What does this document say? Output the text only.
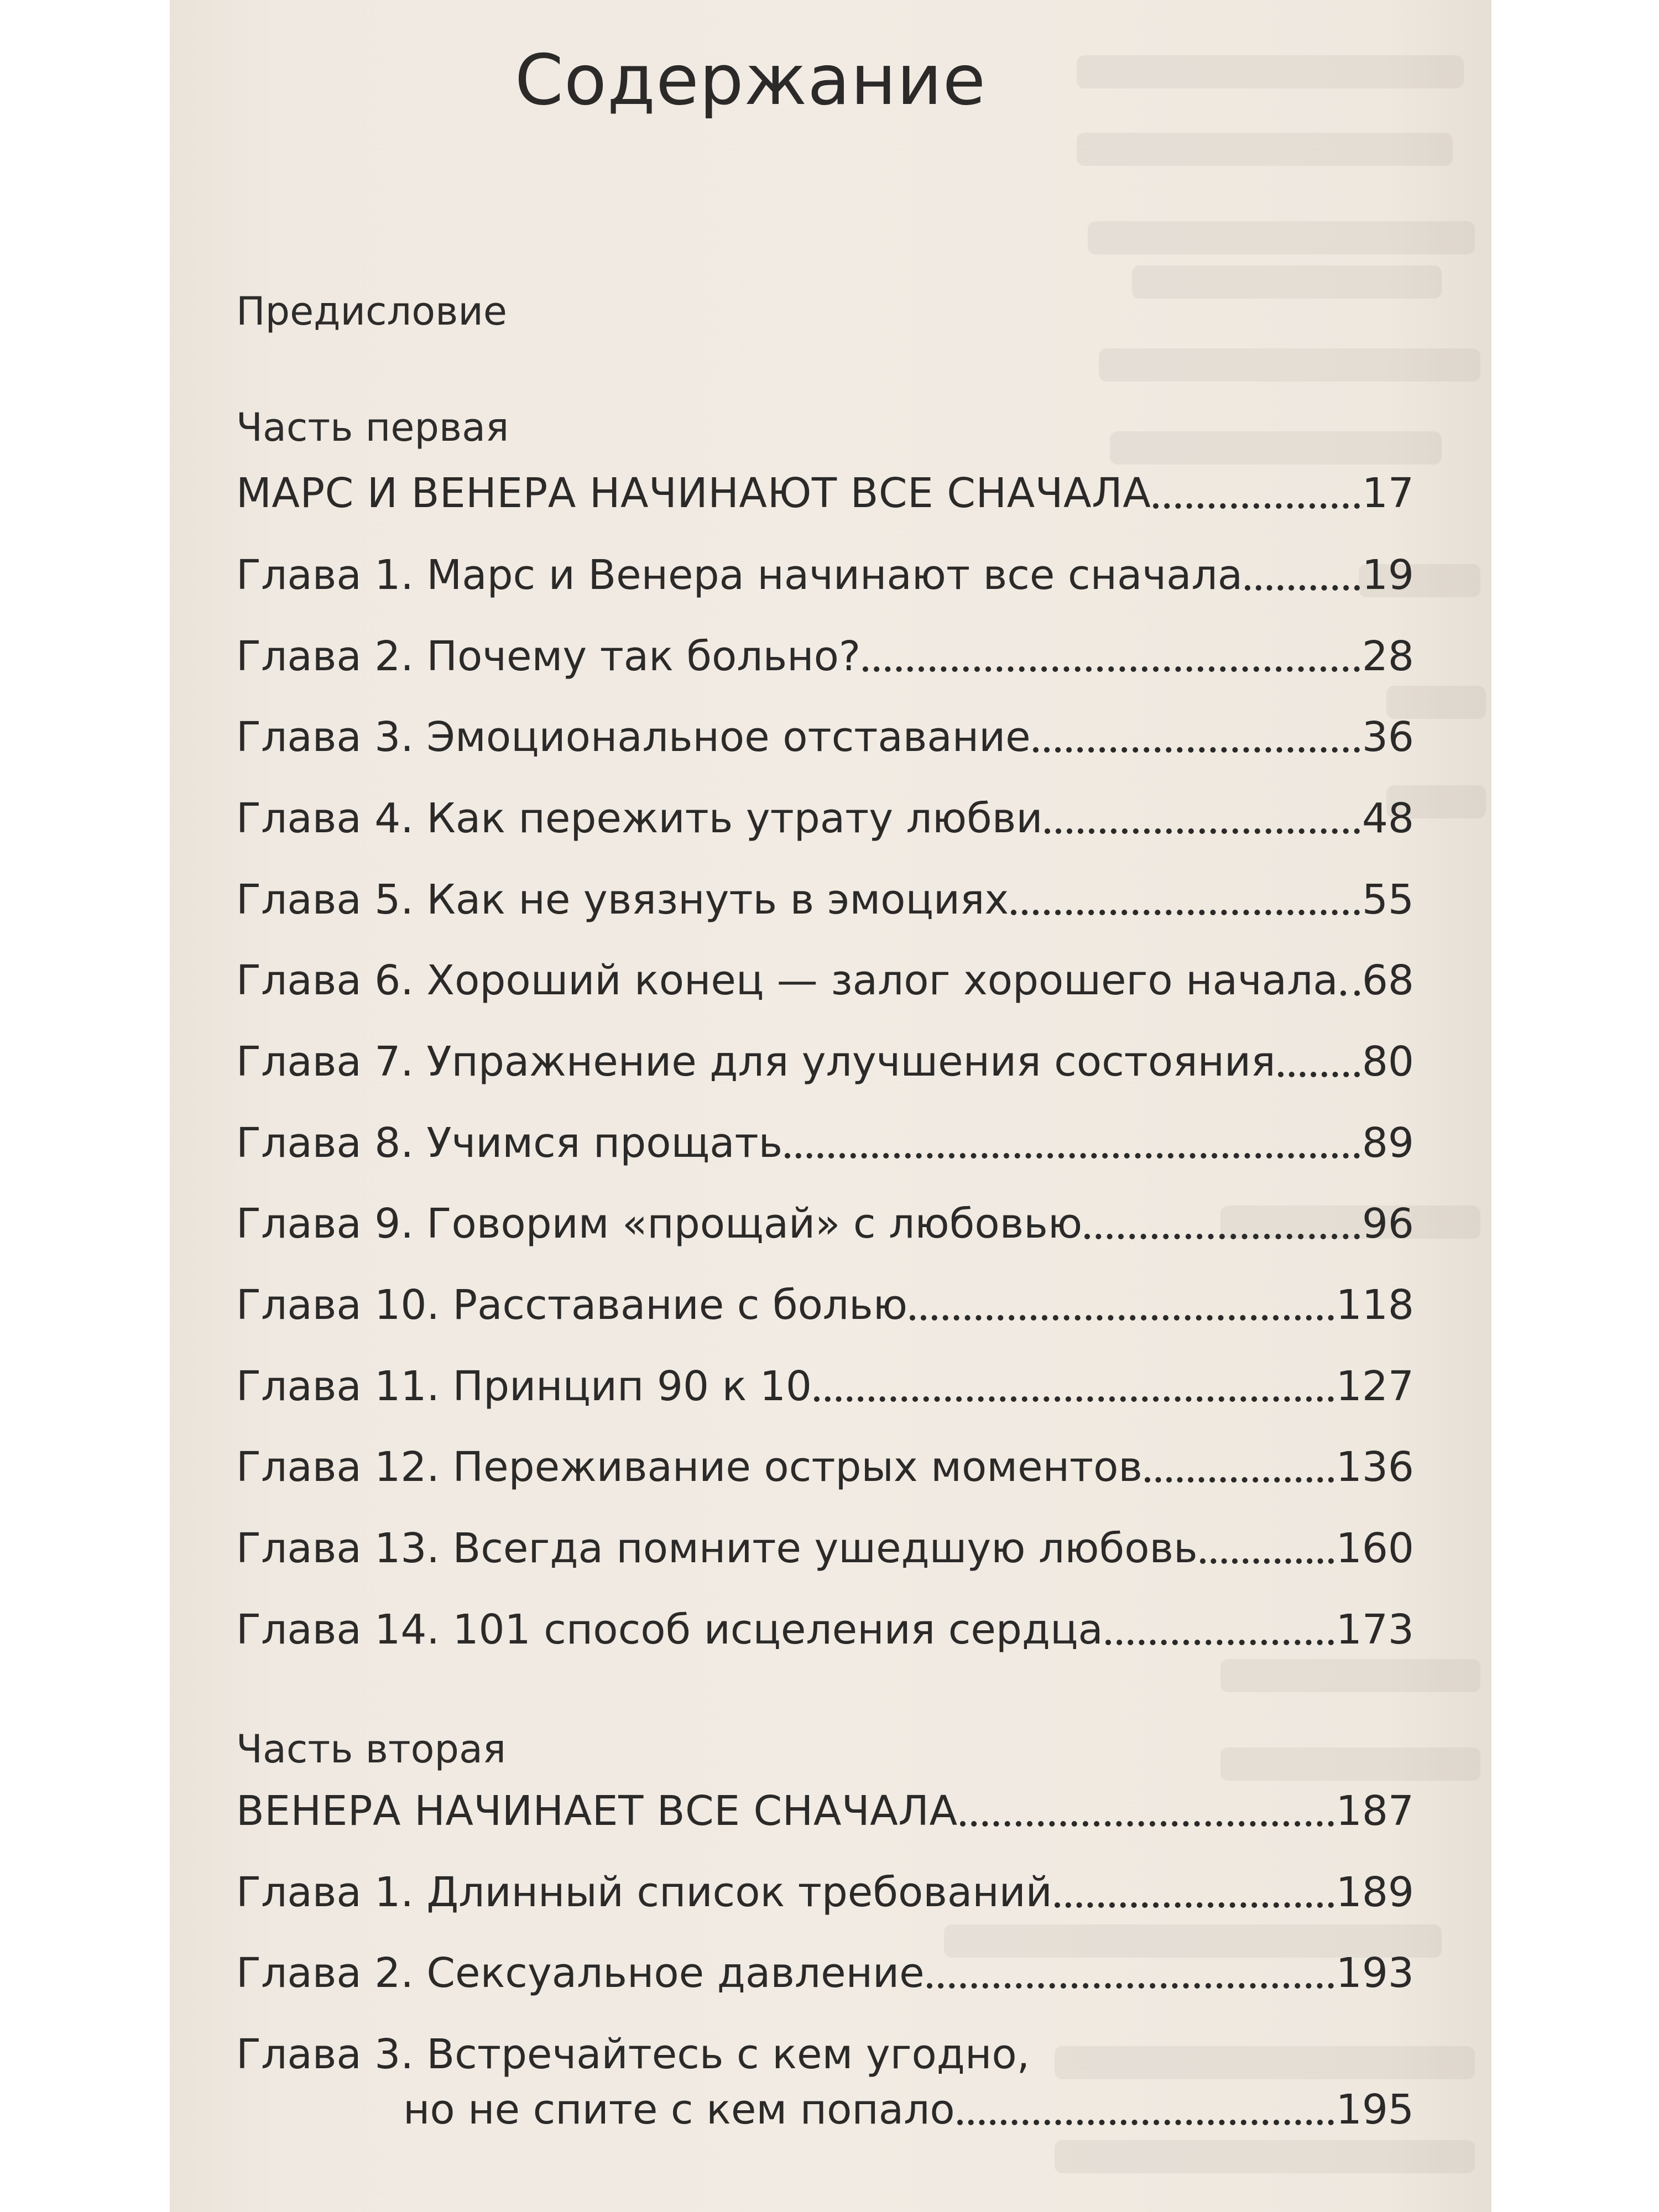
Содержание
Предисловие
Часть первая
МАРС И ВЕНЕРА НАЧИНАЮТ ВСЕ СНАЧАЛА	17
Глава 1. Марс и Венера начинают все сначала	19
Глава 2. Почему так больно?	28
Глава 3. Эмоциональное отставание	36
Глава 4. Как пережить утрату любви	48
Глава 5. Как не увязнуть в эмоциях	55
Глава 6. Хороший конец — залог хорошего начала 68
Глава 7. Упражнение для улучшения состояния 80
Глава 8. Учимся прощать	89
Глава 9. Говорим «прощай» с любовью	96
Глава 10. Расставание с болью	118
Глава 11. Принцип 90 к 10	127
Глава 12. Переживание острых моментов	136
Глава 13. Всегда помните ушедшую любовь	160
Глава 14. 101 способ исцеления сердца	173
Часть вторая
ВЕНЕРА НАЧИНАЕТ ВСЕ СНАЧАЛА	187
Глава 1. Длинный список требований	189
Глава 2. Сексуальное давление	193
Глава 3. Встречайтесь с кем угодно,
но не спите с кем попало	195
